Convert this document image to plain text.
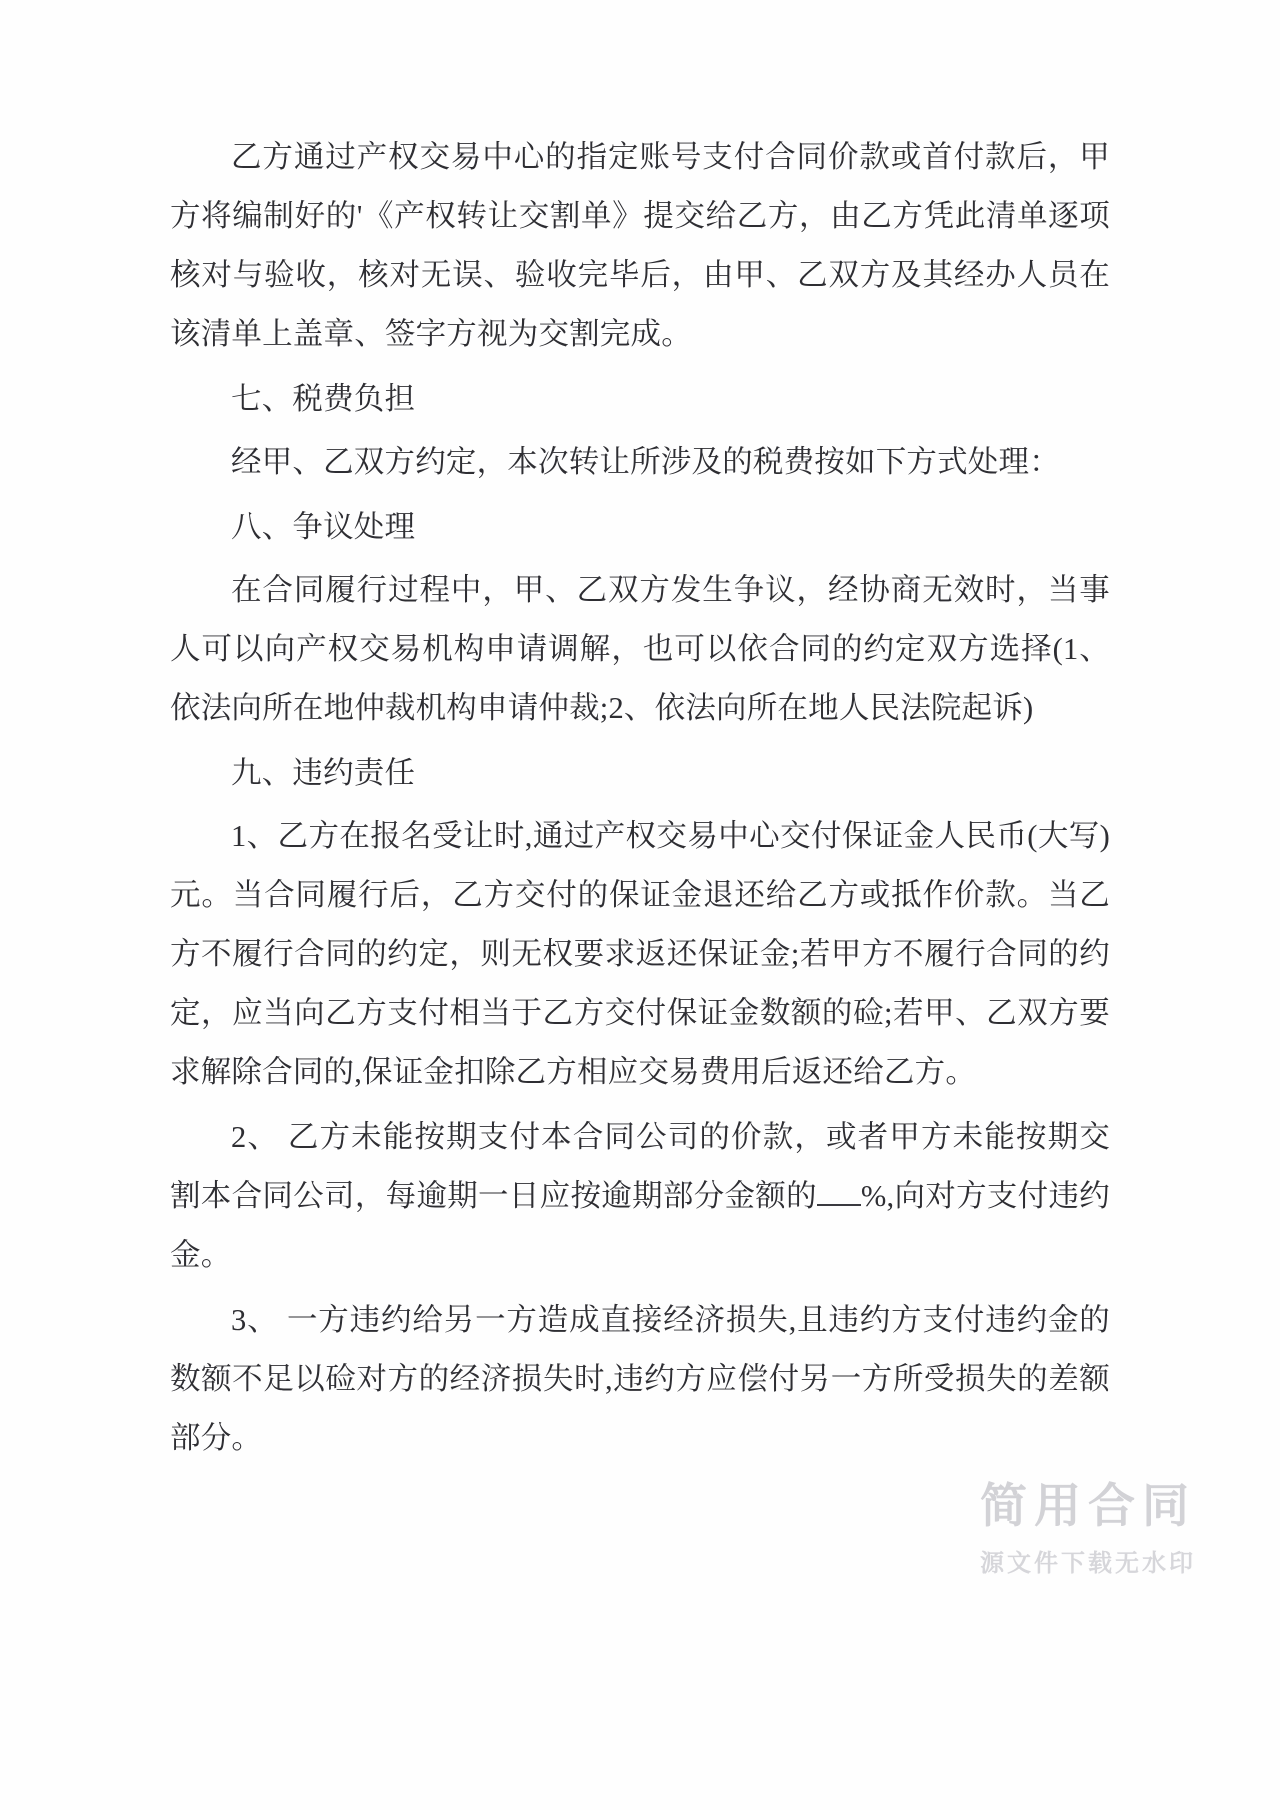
乙方通过产权交易中心的指定账号支付合同价款或首付款后，甲方将编制好的'《产权转让交割单》提交给乙方，由乙方凭此清单逐项核对与验收，核对无误、验收完毕后，由甲、乙双方及其经办人员在该清单上盖章、签字方视为交割完成。

七、税费负担

经甲、乙双方约定，本次转让所涉及的税费按如下方式处理：

八、争议处理

在合同履行过程中，甲、乙双方发生争议，经协商无效时，当事人可以向产权交易机构申请调解，也可以依合同的约定双方选择(1、依法向所在地仲裁机构申请仲裁;2、依法向所在地人民法院起诉)

九、违约责任

1、乙方在报名受让时,通过产权交易中心交付保证金人民币(大写)元。当合同履行后，乙方交付的保证金退还给乙方或抵作价款。当乙方不履行合同的约定，则无权要求返还保证金;若甲方不履行合同的约定，应当向乙方支付相当于乙方交付保证金数额的硷;若甲、乙双方要求解除合同的,保证金扣除乙方相应交易费用后返还给乙方。

2、 乙方未能按期支付本合同公司的价款，或者甲方未能按期交割本合同公司，每逾期一日应按逾期部分金额的 %,向对方支付违约金。

3、 一方违约给另一方造成直接经济损失,且违约方支付违约金的数额不足以硷对方的经济损失时,违约方应偿付另一方所受损失的差额部分。

简用合同
源文件下载无水印
